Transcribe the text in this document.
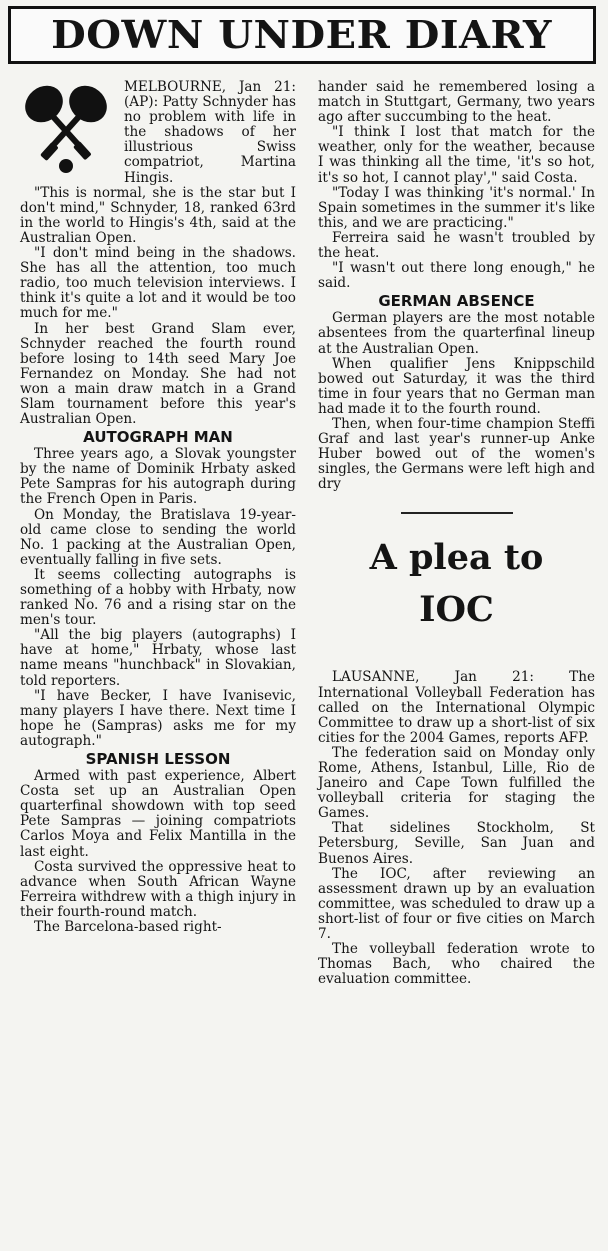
DOWN UNDER DIARY

MELBOURNE, Jan 21: (AP): Patty Schnyder has no problem with life in the shadows of her illustrious Swiss compatriot, Martina Hingis.

"This is normal, she is the star but I don't mind," Schnyder, 18, ranked 63rd in the world to Hingis's 4th, said at the Australian Open.

"I don't mind being in the shadows. She has all the attention, too much radio, too much television interviews. I think it's quite a lot and it would be too much for me."

In her best Grand Slam ever, Schnyder reached the fourth round before losing to 14th seed Mary Joe Fernandez on Monday. She had not won a main draw match in a Grand Slam tournament before this year's Australian Open.

AUTOGRAPH MAN

Three years ago, a Slovak youngster by the name of Dominik Hrbaty asked Pete Sampras for his autograph during the French Open in Paris.

On Monday, the Bratislava 19-year-old came close to sending the world No. 1 packing at the Australian Open, eventually falling in five sets.

It seems collecting autographs is something of a hobby with Hrbaty, now ranked No. 76 and a rising star on the men's tour.

"All the big players (autographs) I have at home," Hrbaty, whose last name means "hunchback" in Slovakian, told reporters.

"I have Becker, I have Ivanisevic, many players I have there. Next time I hope he (Sampras) asks me for my autograph."

SPANISH LESSON

Armed with past experience, Albert Costa set up an Australian Open quarterfinal showdown with top seed Pete Sampras — joining compatriots Carlos Moya and Felix Mantilla in the last eight.

Costa survived the oppressive heat to advance when South African Wayne Ferreira withdrew with a thigh injury in their fourth-round match.

The Barcelona-based right-

hander said he remembered losing a match in Stuttgart, Germany, two years ago after succumbing to the heat.

"I think I lost that match for the weather, only for the weather, because I was thinking all the time, 'it's so hot, it's so hot, I cannot play'," said Costa.

"Today I was thinking 'it's normal.' In Spain sometimes in the summer it's like this, and we are practicing."

Ferreira said he wasn't troubled by the heat.

"I wasn't out there long enough," he said.

GERMAN ABSENCE

German players are the most notable absentees from the quarterfinal lineup at the Australian Open.

When qualifier Jens Knippschild bowed out Saturday, it was the third time in four years that no German man had made it to the fourth round.

Then, when four-time champion Steffi Graf and last year's runner-up Anke Huber bowed out of the women's singles, the Germans were left high and dry

A plea to
IOC

LAUSANNE, Jan 21: The International Volleyball Federation has called on the International Olympic Committee to draw up a short-list of six cities for the 2004 Games, reports AFP.

The federation said on Monday only Rome, Athens, Istanbul, Lille, Rio de Janeiro and Cape Town fulfilled the volleyball criteria for staging the Games.

That sidelines Stockholm, St Petersburg, Seville, San Juan and Buenos Aires.

The IOC, after reviewing an assessment drawn up by an evaluation committee, was scheduled to draw up a short-list of four or five cities on March 7.

The volleyball federation wrote to Thomas Bach, who chaired the evaluation committee.
